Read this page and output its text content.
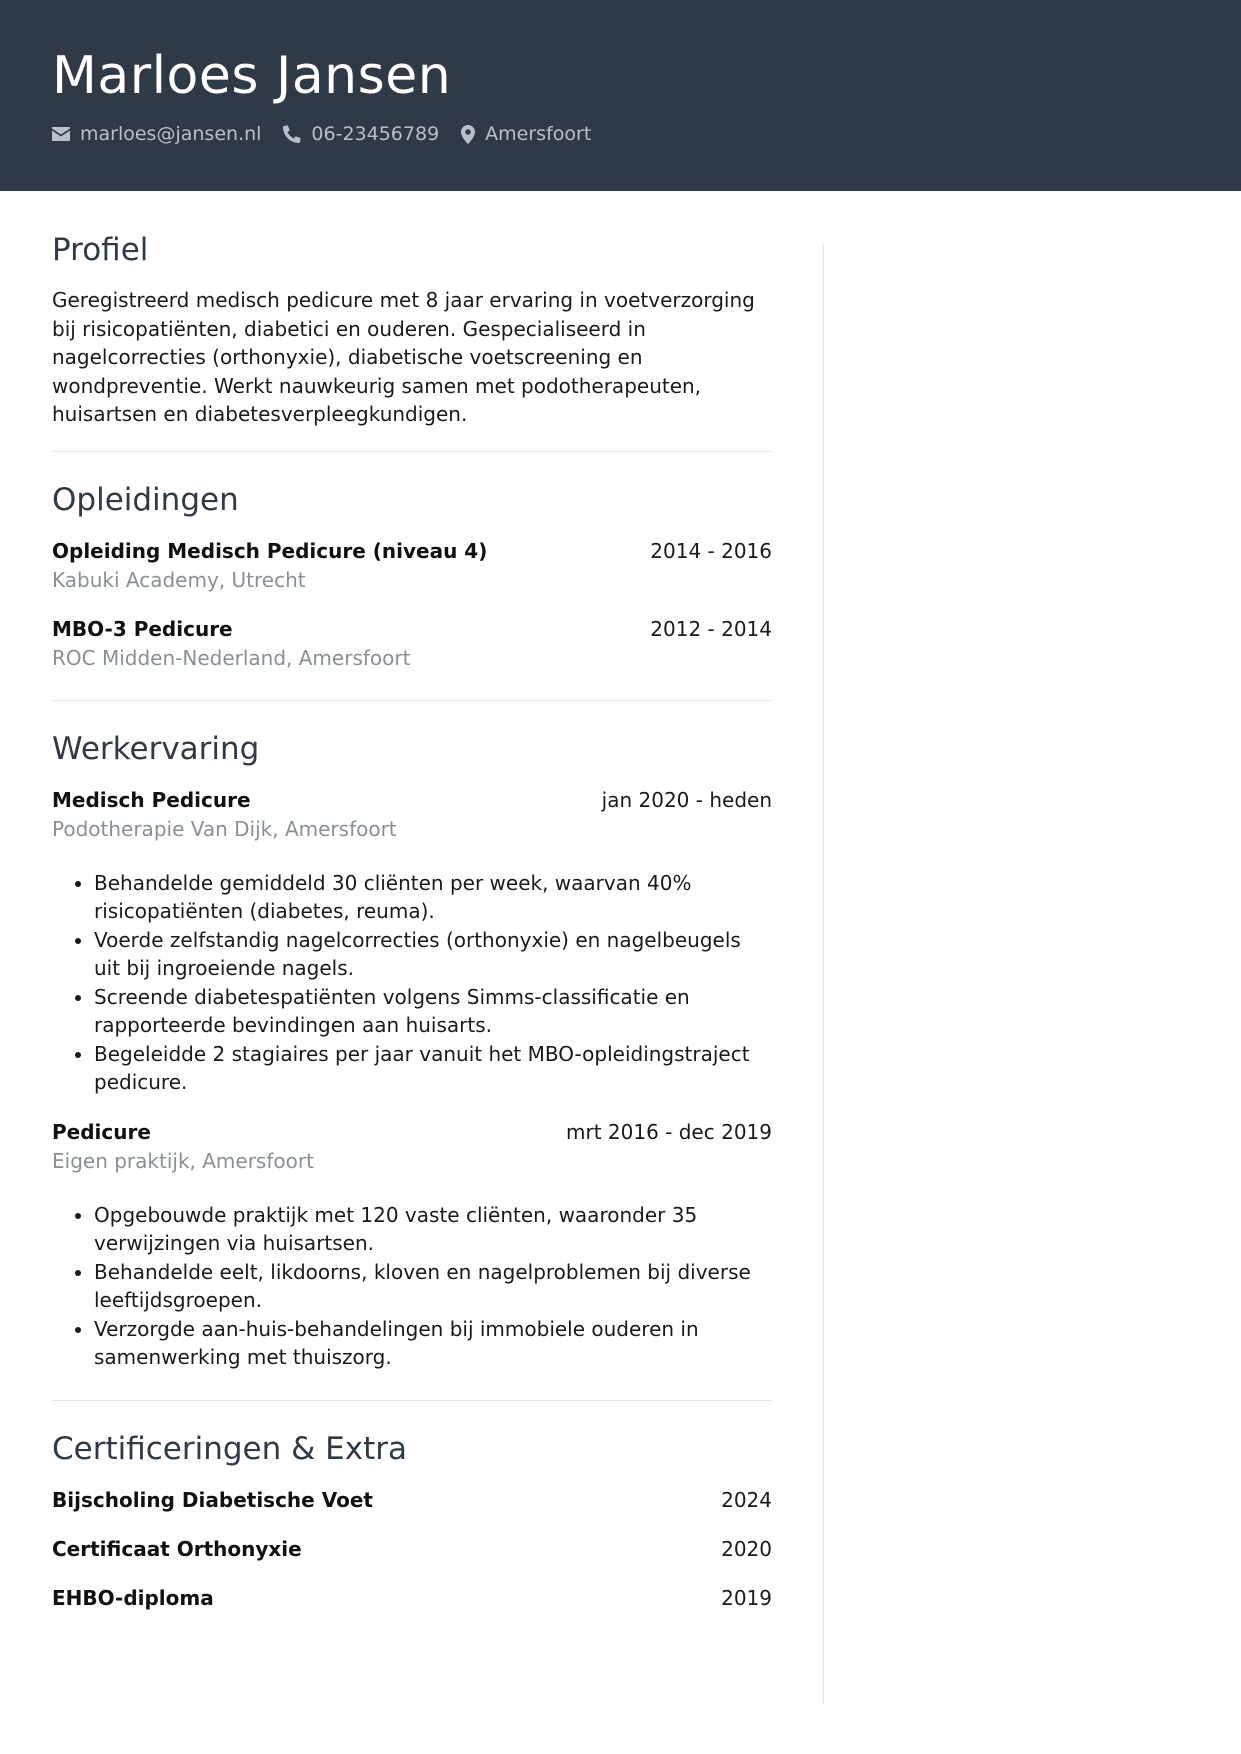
Marloes Jansen
marloes@jansen.nl	06-23456789 Amersfoort
Profiel
Geregistreerd medisch pedicure met 8 jaar ervaring in voetverzorging bij risicopatiënten, diabetici en ouderen. Gespecialiseerd in nagelcorrecties (orthonyxie), diabetische voetscreening en wondpreventie. Werkt nauwkeurig samen met podotherapeuten, huisartsen en diabetesverpleegkundigen.
Opleidingen
Opleiding Medisch Pedicure (niveau 4)	2014 - 2016
Kabuki Academy, Utrecht
MBO-3 Pedicure	2012 - 2014
ROC Midden-Nederland, Amersfoort
Werkervaring
Medisch Pedicure	jan 2020 - heden
Podotherapie Van Dijk, Amersfoort
• Behandelde gemiddeld 30 cliënten per week, waarvan 40% risicopatiënten (diabetes, reuma).
• Voerde zelfstandig nagelcorrecties (orthonyxie) en nagelbeugels uit bij ingroeiende nagels.
• Screende diabetespatiënten volgens Simms-classificatie en rapporteerde bevindingen aan huisarts.
• Begeleidde 2 stagiaires per jaar vanuit het MBO-opleidingstraject pedicure.
Pedicure	mrt 2016 - dec 2019
Eigen praktijk, Amersfoort
• Opgebouwde praktijk met 120 vaste cliënten, waaronder 35 verwijzingen via huisartsen.
• Behandelde eelt, likdoorns, kloven en nagelproblemen bij diverse leeftijdsgroepen.
• Verzorgde aan-huis-behandelingen bij immobiele ouderen in samenwerking met thuiszorg.
Certificeringen & Extra
Bijscholing Diabetische Voet	2024
Certificaat Orthonyxie	2020
EHBO-diploma	2019
